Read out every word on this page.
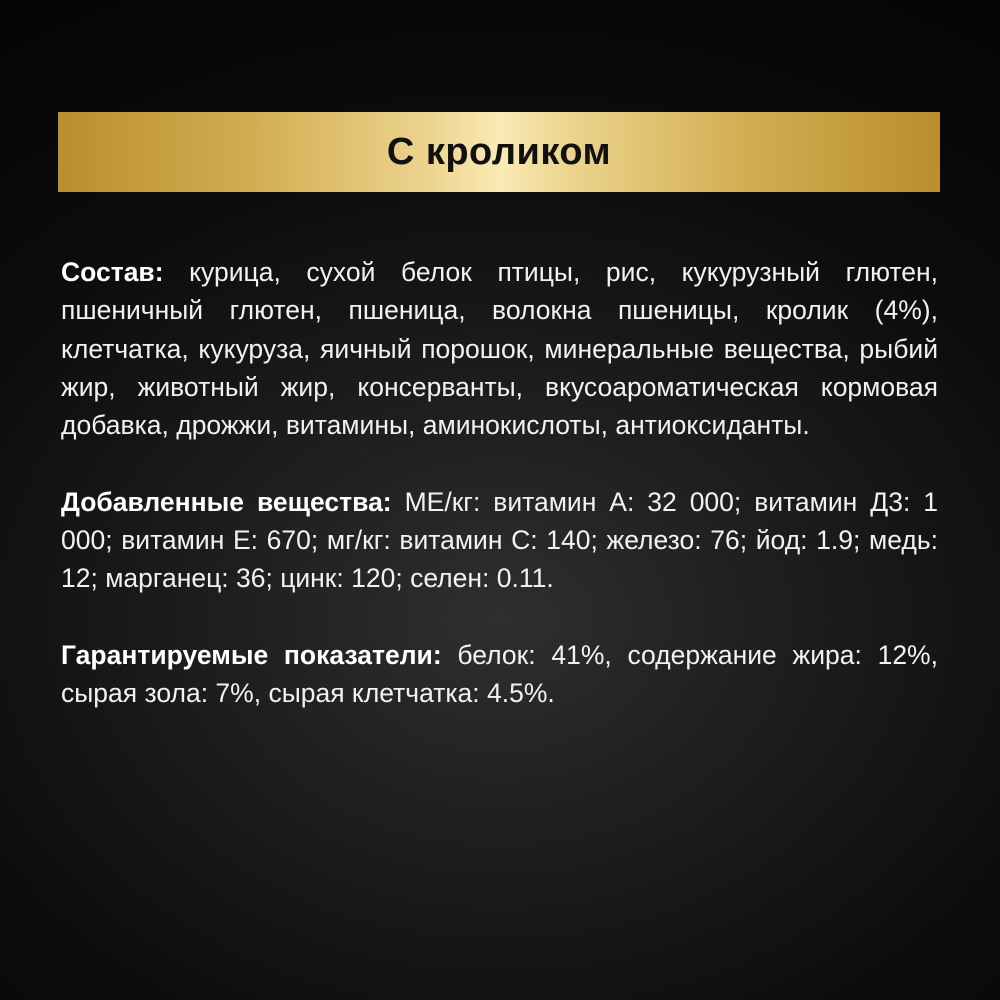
С кроликом

Состав: курица, сухой белок птицы, рис, кукурузный глютен, пшеничный глютен, пшеница, волокна пшеницы, кролик (4%), клетчатка, кукуруза, яичный порошок, минеральные вещества, рыбий жир, животный жир, консерванты, вкусоароматическая кормовая добавка, дрожжи, витамины, аминокислоты, антиоксиданты.

Добавленные вещества: МЕ/кг: витамин А: 32 000; витамин Д3: 1 000; витамин Е: 670; мг/кг: витамин С: 140; железо: 76; йод: 1.9; медь: 12; марганец: 36; цинк: 120; селен: 0.11.

Гарантируемые показатели: белок: 41%, содержание жира: 12%, сырая зола: 7%, сырая клетчатка: 4.5%.
